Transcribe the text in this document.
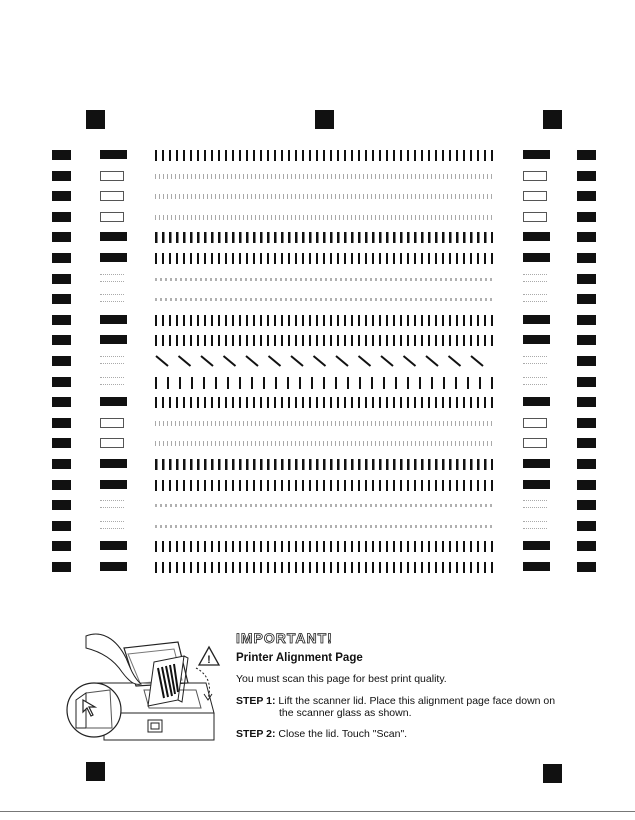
!
IMPORTANT!
Printer Alignment Page
You must scan this page for best print quality.
STEP 1: Lift the scanner lid. Place this alignment page face down on
the scanner glass as shown.
STEP 2: Close the lid. Touch "Scan".
